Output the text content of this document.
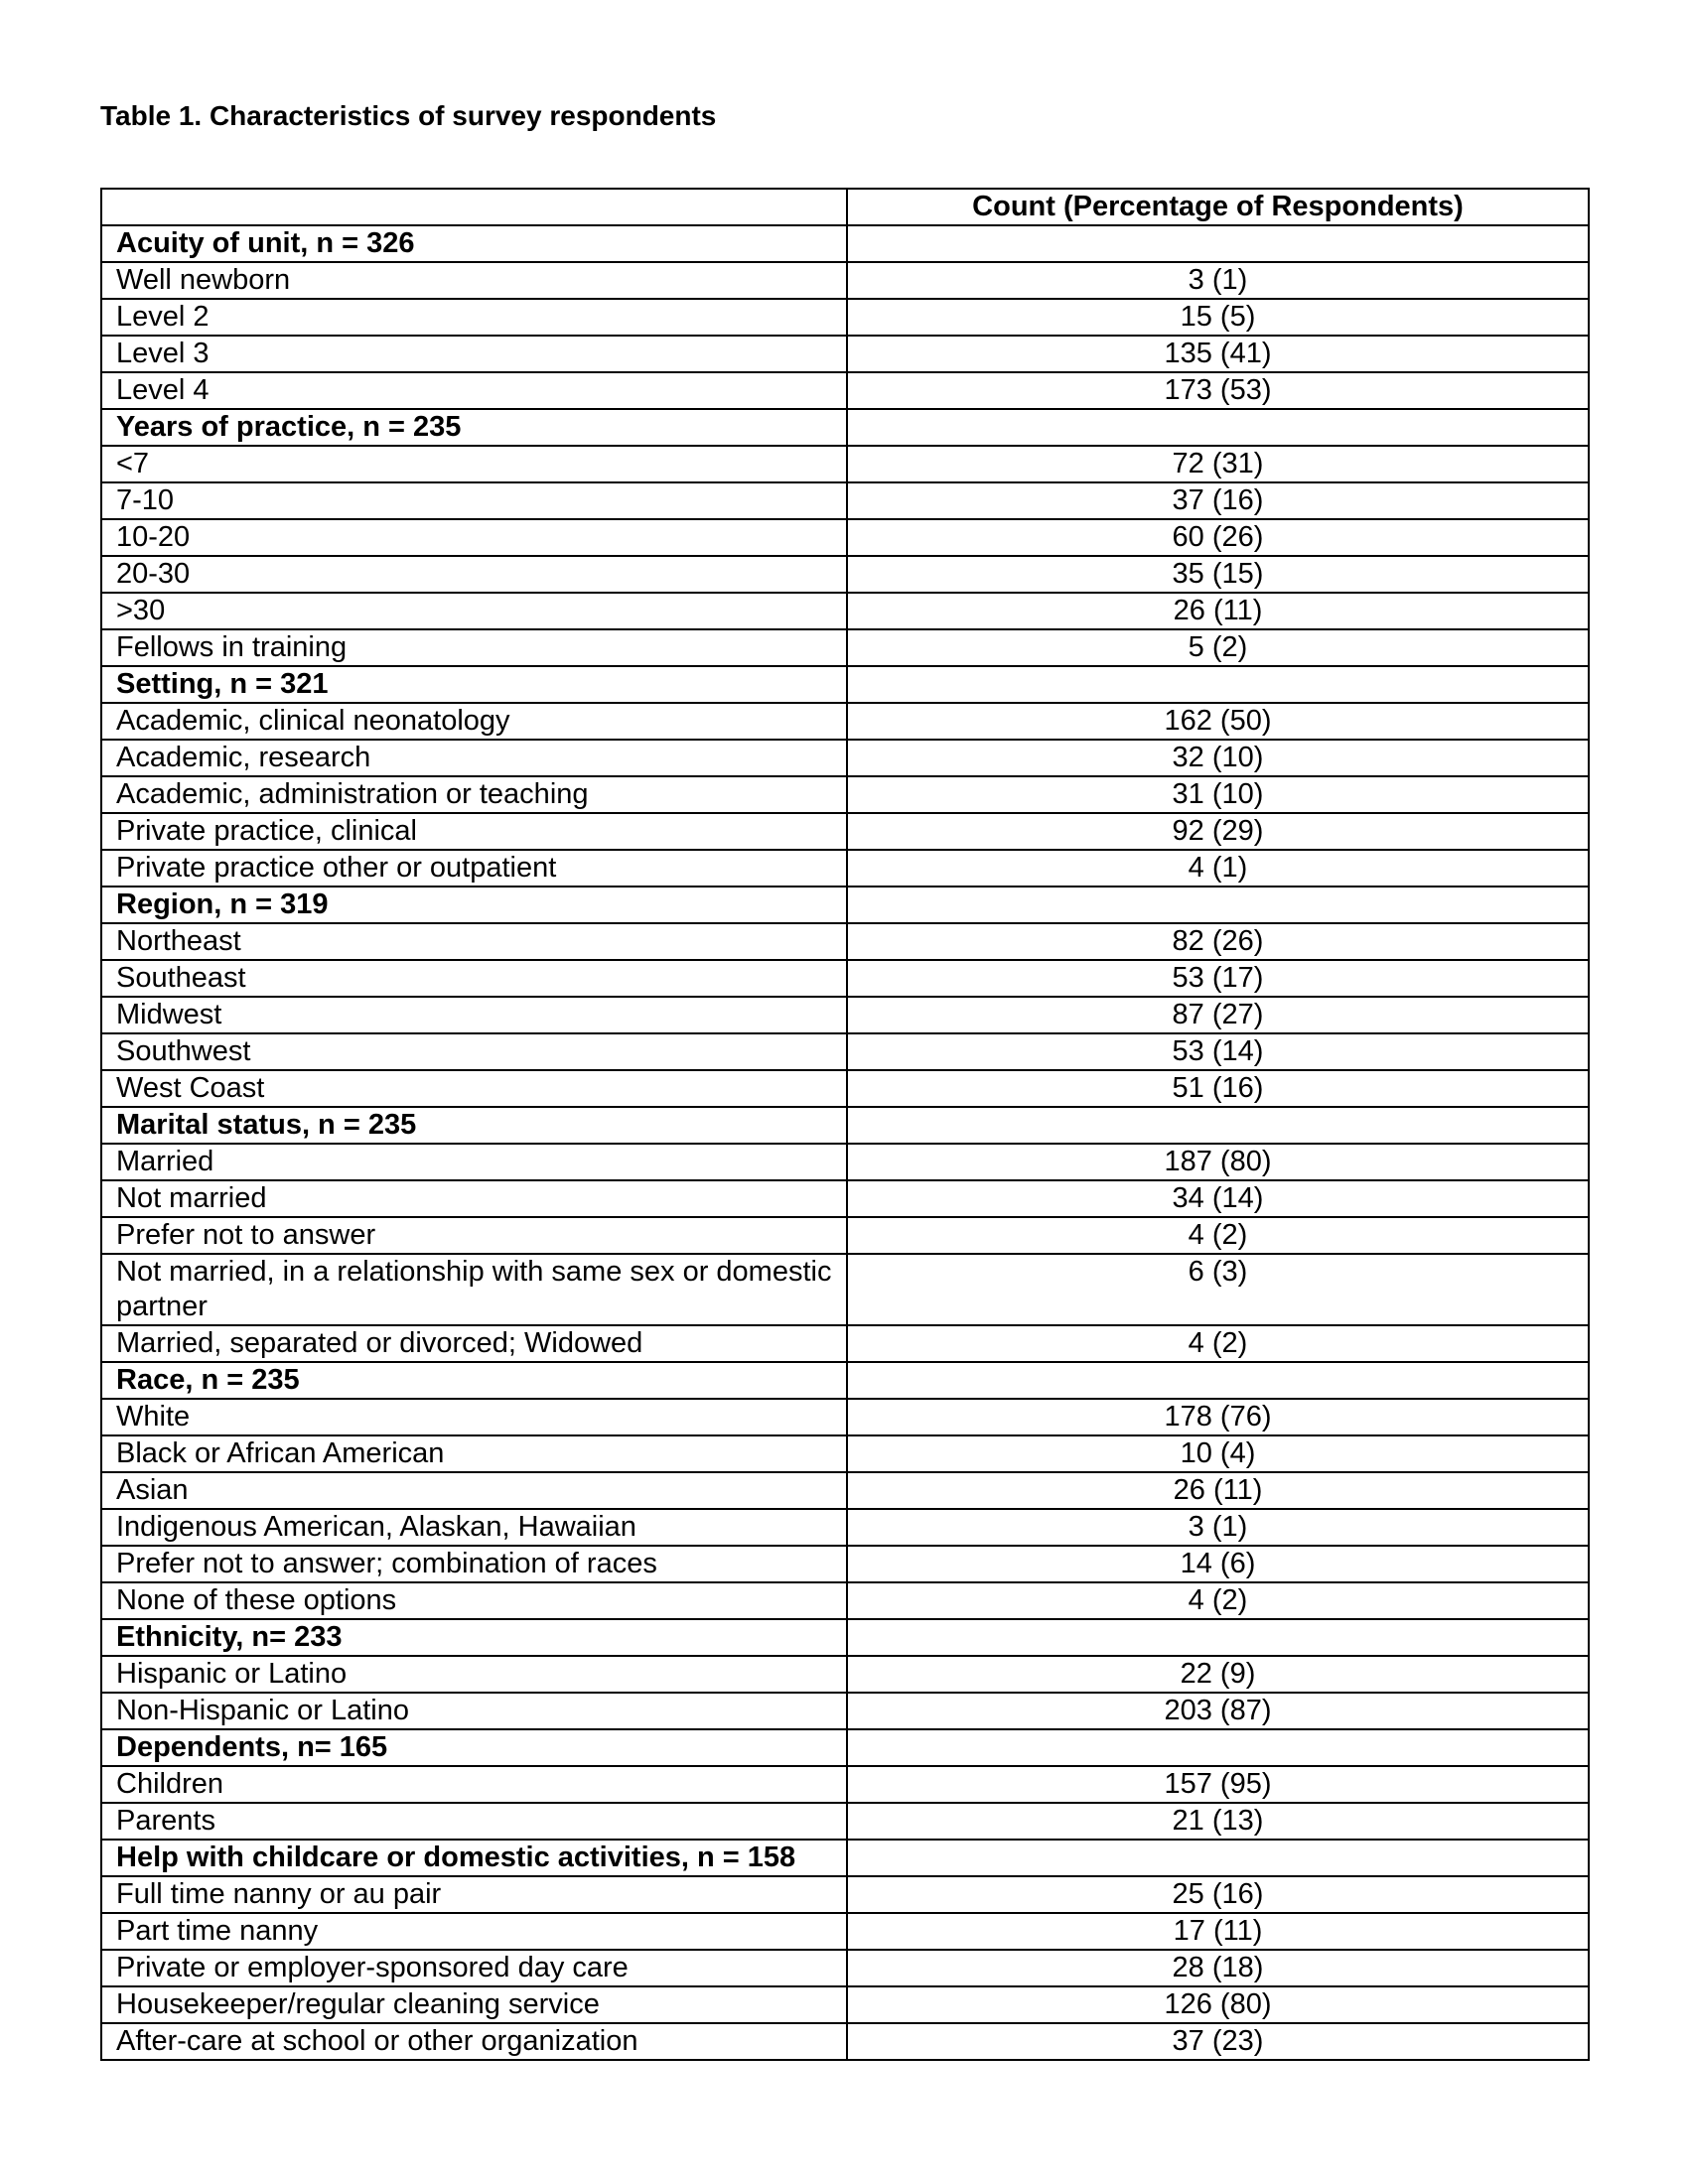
Table 1. Characteristics of survey respondents
	Count (Percentage of Respondents)
Acuity of unit, n = 326	
Well newborn	3 (1)
Level 2	15 (5)
Level 3	135 (41)
Level 4	173 (53)
Years of practice, n = 235	
<7	72 (31)
7-10	37 (16)
10-20	60 (26)
20-30	35 (15)
>30	26 (11)
Fellows in training	5 (2)
Setting, n = 321	
Academic, clinical neonatology	162 (50)
Academic, research	32 (10)
Academic, administration or teaching	31 (10)
Private practice, clinical	92 (29)
Private practice other or outpatient	4 (1)
Region, n = 319	
Northeast	82 (26)
Southeast	53 (17)
Midwest	87 (27)
Southwest	53 (14)
West Coast	51 (16)
Marital status, n = 235	
Married	187 (80)
Not married	34 (14)
Prefer not to answer	4 (2)
Not married, in a relationship with same sex or domestic partner	6 (3)
Married, separated or divorced; Widowed	4 (2)
Race, n = 235	
White	178 (76)
Black or African American	10 (4)
Asian	26 (11)
Indigenous American, Alaskan, Hawaiian	3 (1)
Prefer not to answer; combination of races	14 (6)
None of these options	4 (2)
Ethnicity, n= 233	
Hispanic or Latino	22 (9)
Non-Hispanic or Latino	203 (87)
Dependents, n= 165	
Children	157 (95)
Parents	21 (13)
Help with childcare or domestic activities, n = 158	
Full time nanny or au pair	25 (16)
Part time nanny	17 (11)
Private or employer-sponsored day care	28 (18)
Housekeeper/regular cleaning service	126 (80)
After-care at school or other organization	37 (23)
